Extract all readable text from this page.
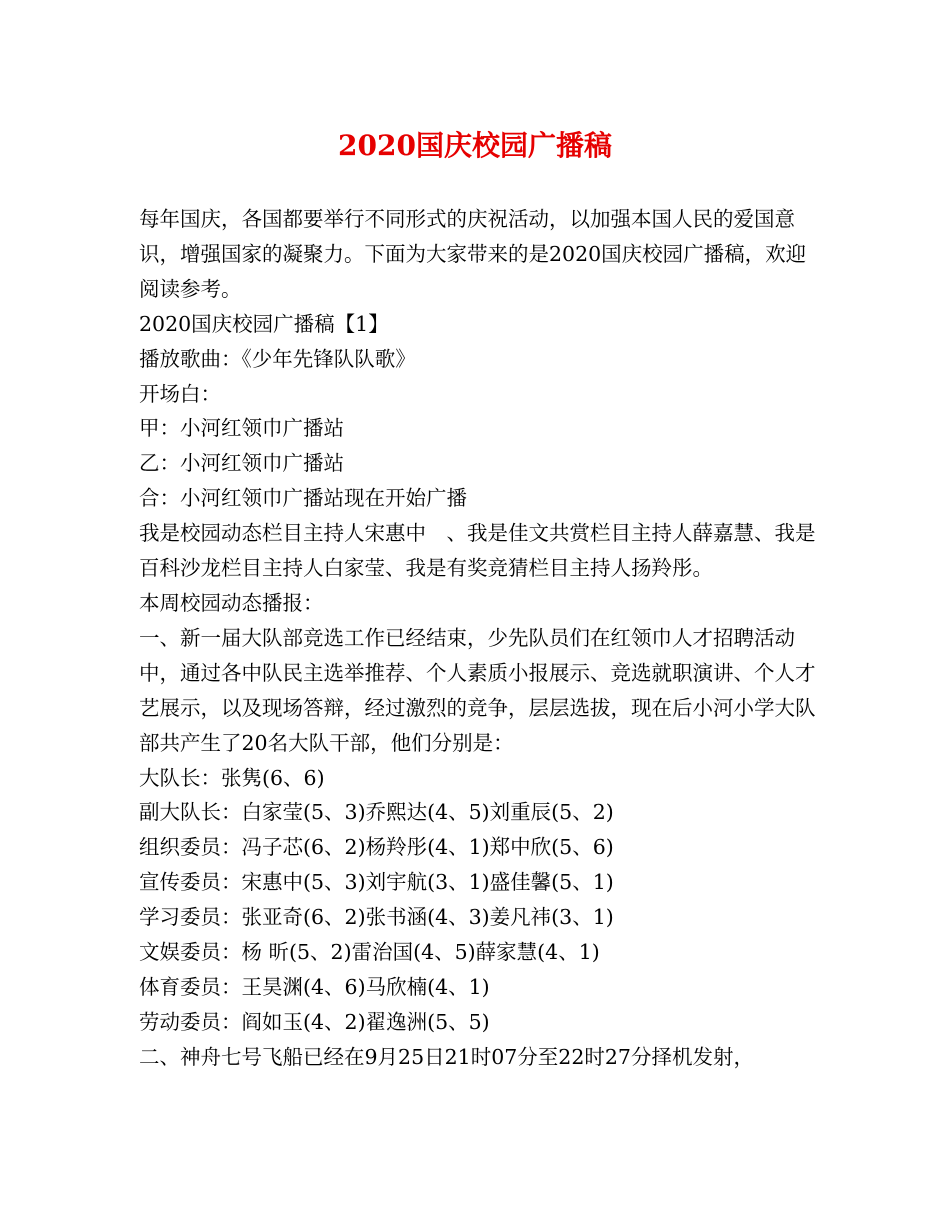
2020国庆校园广播稿

每年国庆，各国都要举行不同形式的庆祝活动，以加强本国人民的爱国意识，增强国家的凝聚力。下面为大家带来的是2020国庆校园广播稿，欢迎阅读参考。

2020国庆校园广播稿【1】

播放歌曲：《少年先锋队队歌》

开场白：

甲：小河红领巾广播站

乙：小河红领巾广播站

合：小河红领巾广播站现在开始广播

我是校园动态栏目主持人宋惠中　、我是佳文共赏栏目主持人薛嘉慧、我是百科沙龙栏目主持人白家莹、我是有奖竞猜栏目主持人扬羚彤。

本周校园动态播报：

一、新一届大队部竞选工作已经结束，少先队员们在红领巾人才招聘活动中，通过各中队民主选举推荐、个人素质小报展示、竞选就职演讲、个人才艺展示，以及现场答辩，经过激烈的竞争，层层选拔，现在后小河小学大队部共产生了20名大队干部，他们分别是：

大队长：张隽(6、6)

副大队长：白家莹(5、3)乔熙达(4、5)刘重辰(5、2)

组织委员：冯子芯(6、2)杨羚彤(4、1)郑中欣(5、6)

宣传委员：宋惠中(5、3)刘宇航(3、1)盛佳馨(5、1)

学习委员：张亚奇(6、2)张书涵(4、3)姜凡祎(3、1)

文娱委员：杨 昕(5、2)雷治国(4、5)薛家慧(4、1)

体育委员：王昊渊(4、6)马欣楠(4、1)

劳动委员：阎如玉(4、2)翟逸洲(5、5)

二、神舟七号飞船已经在9月25日21时07分至22时27分择机发射，
